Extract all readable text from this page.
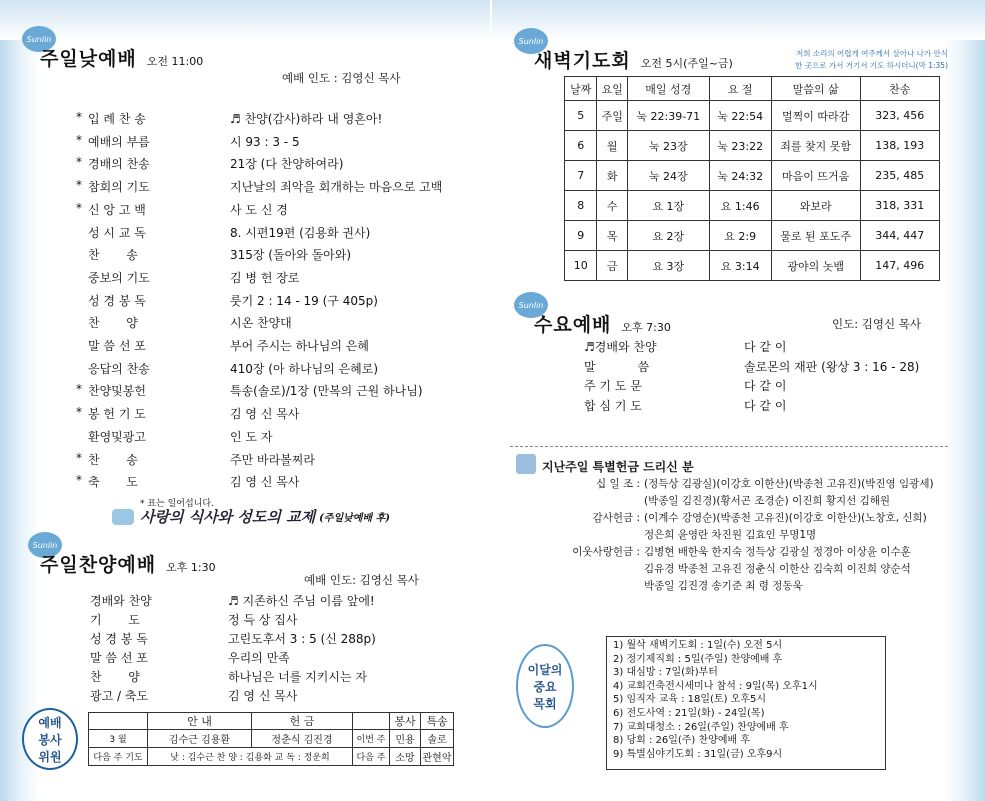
Sunlin
주일낮예배 오전 11:00
예배 인도 : 김영신 목사
* 입 례 찬 송	♬ 찬양(감사)하라 내 영혼아!
* 예배의 부름	시 93 : 3 - 5
* 경배의 찬송	21장 (다 찬양하여라)
* 참회의 기도	지난날의 죄악을 회개하는 마음으로 고백
* 신 앙 고 백	사 도 신 경
성 시 교 독	8. 시편19편 (김용화 권사)
찬       송	315장 (돌아와 돌아와)
중보의 기도	김 병 헌 장로
성 경 봉 독	룻기 2 : 14 - 19 (구 405p)
찬       양	시온 찬양대
말 씀 선 포	부어 주시는 하나님의 은혜
응답의 찬송	410장 (아 하나님의 은혜로)
* 찬양및봉헌	특송(솔로)/1장 (만복의 근원 하나님)
* 봉 헌 기 도	김 영 신 목사
환영및광고	인 도 자
* 찬       송	주만 바라볼찌라
* 축       도	김 영 신 목사
* 표는 일어섭니다.
사랑의 식사와 성도의 교제 (주일낮예배 후)
Sunlin
주일찬양예배 오후 1:30
예배 인도: 김영신 목사
경배와 찬양	♬ 지존하신 주님 이름 앞에!
기       도	정 득 상 집사
성 경 봉 독	고린도후서 3 : 5 (신 288p)
말 씀 선 포	우리의 만족
찬       양	하나님은 너를 지키시는 자
광고 / 축도	김 영 신 목사
예배
봉사
위원
	안 내	헌 금		봉사	특송
3 월	김수근 김용환	정춘식 김진경	이번 주	민용	솔로
다음 주 기도	낮 : 김수근 찬 양 : 김용화 교 독 : 정운희		다음 주	소망	관현악
Sunlin
새벽기도회 오전 5시(주일~금)
저희 소리의 어렵게 여주께서 살아나 나가 안식한 곳으로 가서 거기서 기도 하시더니(막 1:35)
날짜	요일	매일 성경	요 절	말씀의 삶	찬송
5	주일	눅 22:39-71	눅 22:54	멀찍이 따라감	323, 456
6	월	눅 23장	눅 23:22	죄를 찾지 못함	138, 193
7	화	눅 24장	눅 24:32	마음이 뜨거움	235, 485
8	수	요 1장	요 1:46	와보라	318, 331
9	목	요 2장	요 2:9	물로 된 포도주	344, 447
10	금	요 3장	요 3:14	광야의 놋뱀	147, 496
Sunlin
수요예배 오후 7:30	인도: 김영신 목사
♬경배와 찬양	다 같 이
말           씀	솔로몬의 재판 (왕상 3 : 16 - 28)
주 기 도 문	다 같 이
합 심 기 도	다 같 이
지난주일 특별헌금 드리신 분
십 일 조 : (정득상 김광실)(이강호 이한산)(박종천 고유진)(박진영 임광세)
(박종일 김진경)(황서곤 조경순) 이진희 황지선 김해원
감사헌금 : (이계수 강영순)(박종천 고유진)(이강호 이한산)(노창호, 신희)
정은희 윤영란 차진원 김효인 무명1명
이웃사랑헌금 : 김병현 배한욱 한지숙 정득상 김광실 정경아 이상윤 이수훈
김유경 박종천 고유진 정춘식 이한산 김숙희 이진희 양순석
박종일 김진경 송기준 최 령 정동욱
이달의
중요
목회
1) 월삭 새벽기도회 : 1일(수) 오전 5시
2) 정기제직회 : 5일(주일) 찬양예배 후
3) 대심방 : 7일(화)부터
4) 교회건축전시세미나 참석 : 9일(목) 오후1시
5) 임직자 교육 : 18일(토) 오후5시
6) 전도사역 : 21일(화) - 24일(목)
7) 교회대청소 : 26일(주일) 찬양예배 후
8) 당회 : 26일(주) 찬양예배 후
9) 특별심야기도회 : 31일(금) 오후9시
